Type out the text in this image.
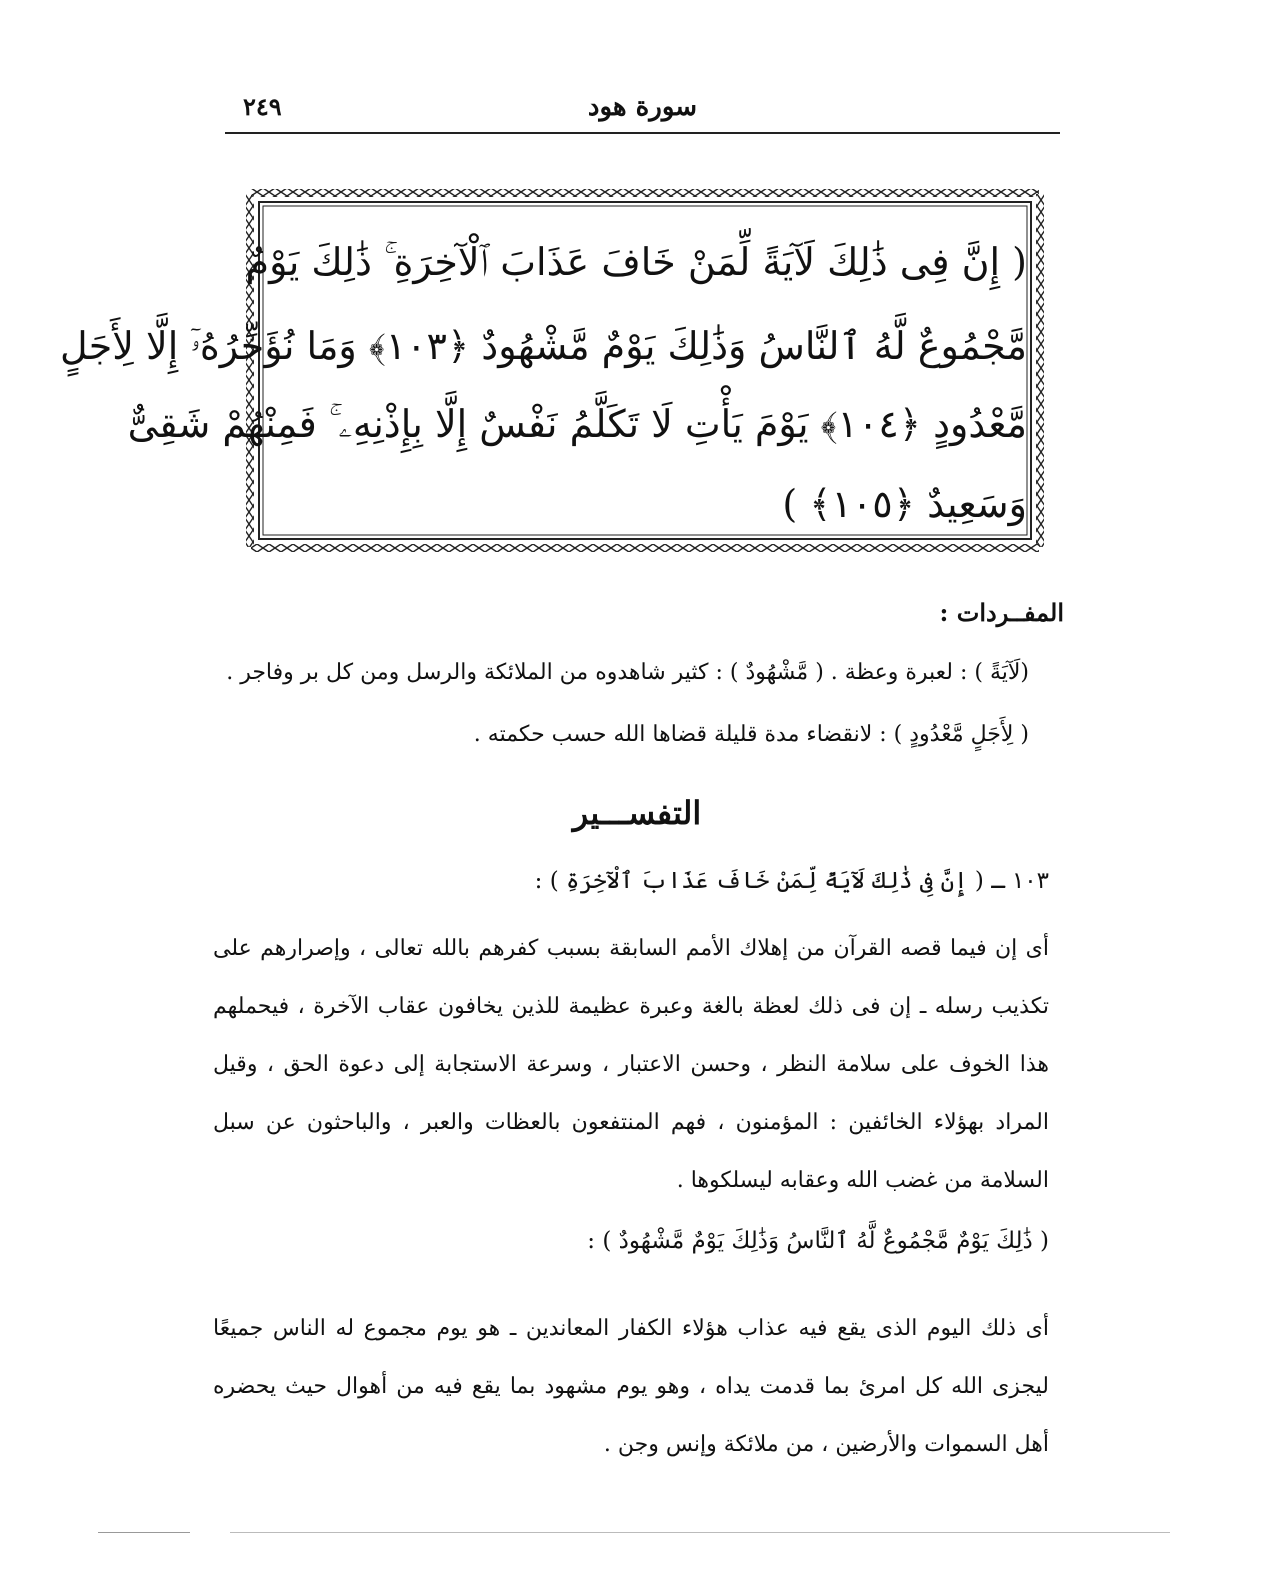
سورة هود
٢٤٩
( إِنَّ فِى ذَٰلِكَ لَآيَةً لِّمَنْ خَافَ عَذَابَ ٱلْآخِرَةِ ۚ ذَٰلِكَ يَوْمٌ
مَّجْمُوعٌ لَّهُ ٱلنَّاسُ وَذَٰلِكَ يَوْمٌ مَّشْهُودٌ ﴿١٠٣﴾ وَمَا نُؤَخِّرُهُۥٓ إِلَّا لِأَجَلٍ
مَّعْدُودٍ ﴿١٠٤﴾ يَوْمَ يَأْتِ لَا تَكَلَّمُ نَفْسٌ إِلَّا بِإِذْنِهِۦ ۚ فَمِنْهُمْ شَقِىٌّ
وَسَعِيدٌ ﴿١٠٥﴾ )
المفــردات :
(لَآيَةً ) : لعبرة وعظة . ( مَّشْهُودٌ ) : كثير شاهدوه من الملائكة والرسل ومن كل بر وفاجر .
( لِأَجَلٍ مَّعْدُودٍ ) : لانقضاء مدة قليلة قضاها الله حسب حكمته .
التفســـير
١٠٣ ـ ( إِنَّ فِى ذَٰلِكَ لَآيَةً لِّمَنْ خَافَ عَذَابَ ٱلْآخِرَةِ ) :
أى إن فيما قصه القرآن من إهلاك الأمم السابقة بسبب كفرهم بالله تعالى ، وإصرارهم على تكذيب رسله ـ إن فى ذلك لعظة بالغة وعبرة عظيمة للذين يخافون عقاب الآخرة ، فيحملهم هذا الخوف على سلامة النظر ، وحسن الاعتبار ، وسرعة الاستجابة إلى دعوة الحق ، وقيل المراد بهؤلاء الخائفين : المؤمنون ، فهم المنتفعون بالعظات والعبر ، والباحثون عن سبل السلامة من غضب الله وعقابه ليسلكوها .
( ذَٰلِكَ يَوْمٌ مَّجْمُوعٌ لَّهُ ٱلنَّاسُ وَذَٰلِكَ يَوْمٌ مَّشْهُودٌ ) :
أى ذلك اليوم الذى يقع فيه عذاب هؤلاء الكفار المعاندين ـ هو يوم مجموع له الناس جميعًا ليجزى الله كل امرئ بما قدمت يداه ، وهو يوم مشهود بما يقع فيه من أهوال حيث يحضره أهل السموات والأرضين ، من ملائكة وإنس وجن .
